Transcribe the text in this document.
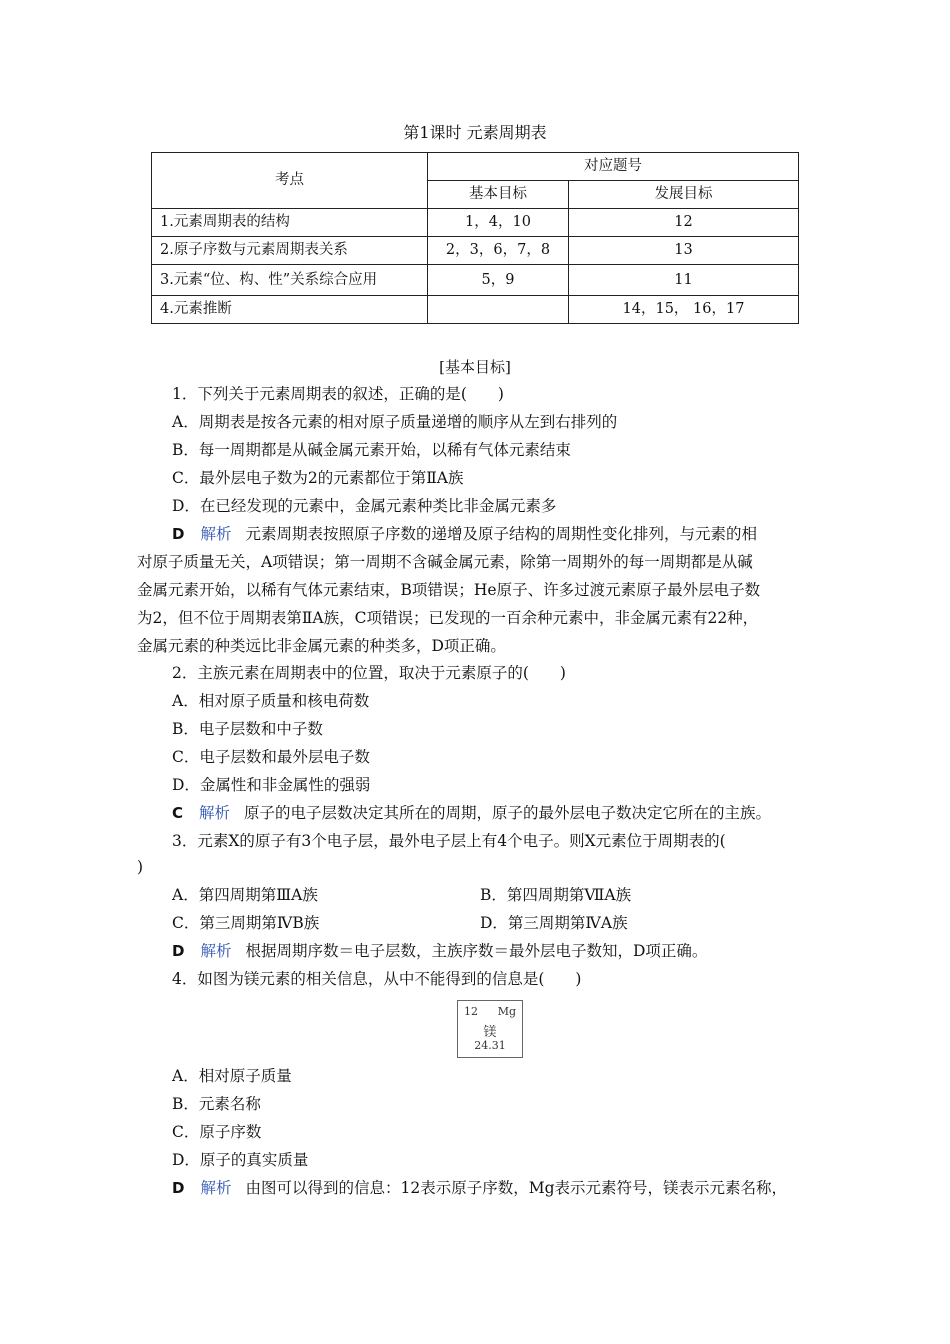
第1课时 元素周期表
考点	对应题号	
	基本目标	发展目标
1.元素周期表的结构	1，4，10	12
2.原子序数与元素周期表关系	2，3，6，7，8	13
3.元素“位、构、性”关系综合应用	5，9	11
4.元素推断		14，15， 16，17
[基本目标]
1．下列关于元素周期表的叙述，正确的是(　　)
A．周期表是按各元素的相对原子质量递增的顺序从左到右排列的
B．每一周期都是从碱金属元素开始，以稀有气体元素结束
C．最外层电子数为2的元素都位于第ⅡA族
D．在已经发现的元素中，金属元素种类比非金属元素多
D 解析 元素周期表按照原子序数的递增及原子结构的周期性变化排列，与元素的相
对原子质量无关，A项错误；第一周期不含碱金属元素，除第一周期外的每一周期都是从碱
金属元素开始，以稀有气体元素结束，B项错误；He原子、许多过渡元素原子最外层电子数
为2，但不位于周期表第ⅡA族，C项错误；已发现的一百余种元素中，非金属元素有22种，
金属元素的种类远比非金属元素的种类多，D项正确。
2．主族元素在周期表中的位置，取决于元素原子的(　　)
A．相对原子质量和核电荷数
B．电子层数和中子数
C．电子层数和最外层电子数
D．金属性和非金属性的强弱
C 解析 原子的电子层数决定其所在的周期，原子的最外层电子数决定它所在的主族。
3．元素X的原子有3个电子层，最外电子层上有4个电子。则X元素位于周期表的(
)
A．第四周期第ⅢA族	B．第四周期第ⅦA族
C．第三周期第ⅣB族	D．第三周期第ⅣA族
D 解析 根据周期序数＝电子层数，主族序数＝最外层电子数知，D项正确。
4．如图为镁元素的相关信息，从中不能得到的信息是(　　)
12 Mg
镁
24.31
A．相对原子质量
B．元素名称
C．原子序数
D．原子的真实质量
D 解析 由图可以得到的信息：12表示原子序数，Mg表示元素符号，镁表示元素名称，
